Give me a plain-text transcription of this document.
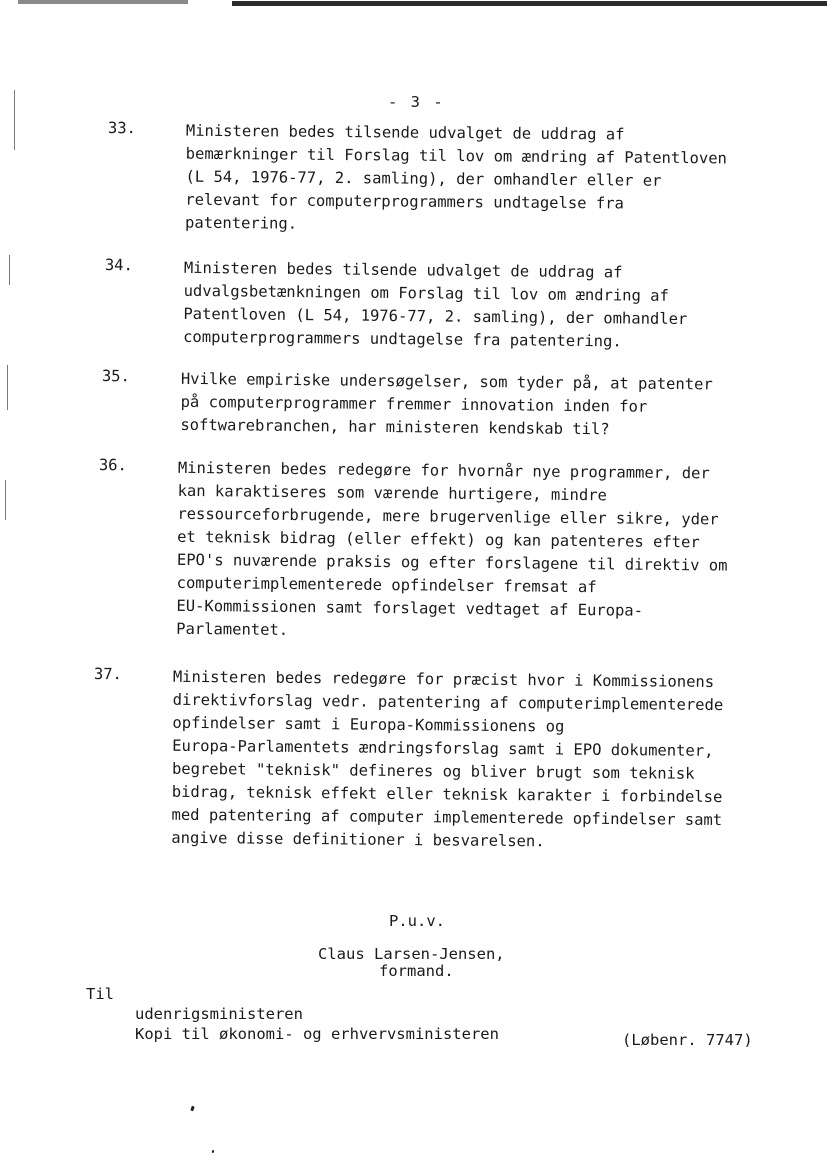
- 3 -
33.	Ministeren bedes tilsende udvalget de uddrag af
bemærkninger til Forslag til lov om ændring af Patentloven
(L 54, 1976-77, 2. samling), der omhandler eller er
relevant for computerprogrammers undtagelse fra
patentering.
34.	Ministeren bedes tilsende udvalget de uddrag af
udvalgsbetænkningen om Forslag til lov om ændring af
Patentloven (L 54, 1976-77, 2. samling), der omhandler
computerprogrammers undtagelse fra patentering.
35.	Hvilke empiriske undersøgelser, som tyder på, at patenter
på computerprogrammer fremmer innovation inden for
softwarebranchen, har ministeren kendskab til?
36.	Ministeren bedes redegøre for hvornår nye programmer, der
kan karaktiseres som værende hurtigere, mindre
ressourceforbrugende, mere brugervenlige eller sikre, yder
et teknisk bidrag (eller effekt) og kan patenteres efter
EPO's nuværende praksis og efter forslagene til direktiv om
computerimplementerede opfindelser fremsat af
EU-Kommissionen samt forslaget vedtaget af Europa-
Parlamentet.
37.	Ministeren bedes redegøre for præcist hvor i Kommissionens
direktivforslag vedr. patentering af computerimplementerede
opfindelser samt i Europa-Kommissionens og
Europa-Parlamentets ændringsforslag samt i EPO dokumenter,
begrebet "teknisk" defineres og bliver brugt som teknisk
bidrag, teknisk effekt eller teknisk karakter i forbindelse
med patentering af computer implementerede opfindelser samt
angive disse definitioner i besvarelsen.
P.u.v.
Claus Larsen-Jensen,
formand.
Til
udenrigsministeren
Kopi til økonomi- og erhvervsministeren	(Løbenr. 7747)
